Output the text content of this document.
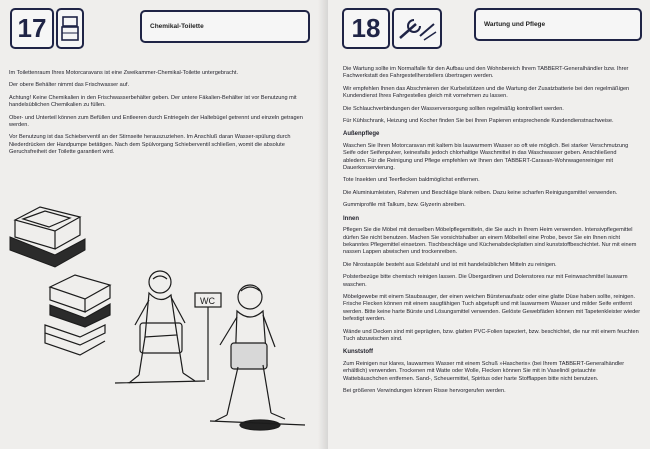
17	Chemikal-Toilette

Im Toilettenraum Ihres Motorcaravans ist eine Zweikammer-Chemikal-Toilette untergebracht.

Der obere Behälter nimmt das Frischwasser auf.

Achtung! Keine Chemikalien in den Frischwasserbehälter geben. Der untere Fäkalien-Behälter ist vor Benutzung mit handelsüblichen Chemikalien zu füllen.

Ober- und Unterteil können zum Befüllen und Entleeren durch Entriegeln der Haltebügel getrennt und einzeln getragen werden.

Vor Benutzung ist das Schieberventil an der Stirnseite herauszuziehen. Im Anschluß daran Wasser-spülung durch Niederdrücken der Handpumpe betätigen. Nach dem Spülvorgang Schieberventil schließen, womit die absolute Geruchsfreiheit der Toilette garantiert wird.

WC
18	Wartung und Pflege

Die Wartung sollte im Normalfalle für den Aufbau und den Wohnbereich Ihrem TABBERT-Generalhändler bzw. Ihrer Fachwerkstatt des Fahrgestellherstellers übertragen werden.

Wir empfehlen Ihnen das Abschmieren der Kurbelstützen und die Wartung der Zusatzbatterie bei den regelmäßigen Kundendienst Ihres Fahrgestelles gleich mit vornehmen zu lassen.

Die Schlauchverbindungen der Wasserversorgung sollten regelmäßig kontrolliert werden.

Für Kühlschrank, Heizung und Kocher finden Sie bei Ihren Papieren entsprechende Kundendienstnachweise.

Außenpflege

Waschen Sie Ihren Motorcaravan mit kaltem bis lauwarmem Wasser so oft wie möglich. Bei starker Verschmutzung Seife oder Seifenpulver, keinesfalls jedoch chlorhaltige Waschmittel in das Waschwasser geben. Anschließend abledern. Für die Reinigung und Pflege empfehlen wir Ihnen den TABBERT-Caravan-Wohnwagenreiniger mit Dauerkonservierung.

Tote Insekten und Teerflecken baldmöglichst entfernen.

Die Aluminiumleisten, Rahmen und Beschläge blank reiben. Dazu keine scharfen Reinigungsmittel verwenden.

Gummiprofile mit Talkum, bzw. Glyzerin abreiben.

Innen

Pflegen Sie die Möbel mit denselben Möbelpflegemitteln, die Sie auch in Ihrem Heim verwenden. Intensivpflegemittel dürfen Sie nicht benutzen. Machen Sie vorsichtshalber an einem Möbelteil eine Probe, bevor Sie ein Ihnen nicht bekanntes Pflegemittel einsetzen. Tischbeschläge und Küchenabdeckplatten sind kunststoffbeschichtet. Nur mit einem nassen Lappen abwischen und trockenreiben.

Die Nirostaspüle besteht aus Edelstahl und ist mit handelsüblichen Mitteln zu reinigen.

Polsterbezüge bitte chemisch reinigen lassen. Die Übergardinen und Dolenstores nur mit Feinwaschmittel lauwarm waschen.

Möbelgewebe mit einem Staubsauger, der einen weichen Bürstenaufsatz oder eine glatte Düse haben sollte, reinigen. Frische Flecken können mit einem saugfähigen Tuch abgetupft und mit lauwarmem Wasser und milder Seife entfernt werden. Bitte keine harte Bürste und Lösungsmittel verwenden. Gelöste Gewebfäden können mit Tapetenkleister wieder befestigt werden.

Wände und Decken sind mit geprägten, bzw. glatten PVC-Folien tapeziert, bzw. beschichtet, die nur mit einem feuchten Tuch abzuwischen sind.

Kunststoff

Zum Reinigen nur klares, lauwarmes Wasser mit einem Schuß »Hascherix« (bei Ihrem TABBERT-Generalhändler erhältlich) verwenden. Trockenen mit Watte oder Wolle, Flecken können Sie mit in Vaselinöl getauchte Wattebäuschchen entfernen. Sand-, Scheuermittel, Spiritus oder harte Stofflappen bitte nicht benutzen.

Bei größeren Verwindungen können Risse hervorgerufen werden.
